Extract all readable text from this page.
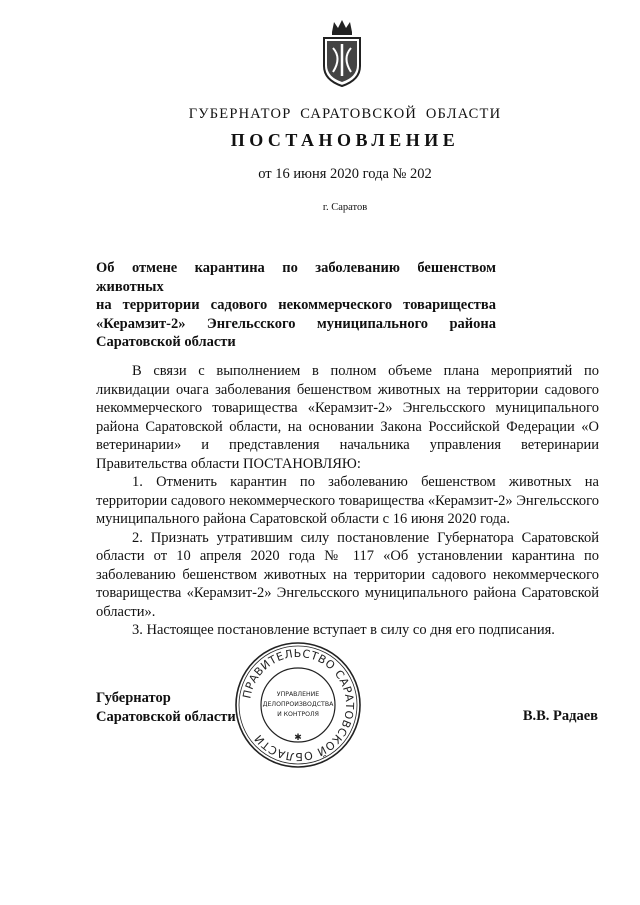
ГУБЕРНАТОР САРАТОВСКОЙ ОБЛАСТИ
ПОСТАНОВЛЕНИЕ
от 16 июня 2020 года № 202
г. Саратов
Об отмене карантина по заболеванию бешенством животных
на территории садового некоммерческого товарищества
«Керамзит-2» Энгельсского муниципального района
Саратовской области

В связи с выполнением в полном объеме плана мероприятий по ликвидации очага заболевания бешенством животных на территории садового некоммерческого товарищества «Керамзит-2» Энгельсского муниципального района Саратовской области, на основании Закона Российской Федерации «О ветеринарии» и представления начальника управления ветеринарии Правительства области ПОСТАНОВЛЯЮ:

1. Отменить карантин по заболеванию бешенством животных на территории садового некоммерческого товарищества «Керамзит-2» Энгельсского муниципального района Саратовской области с 16 июня 2020 года.

2. Признать утратившим силу постановление Губернатора Саратовской области от 10 апреля 2020 года № 117 «Об установлении карантина по заболеванию бешенством животных на территории садового некоммерческого товарищества «Керамзит-2» Энгельсского муниципального района Саратовской области».

3. Настоящее постановление вступает в силу со дня его подписания.

Губернатор
Саратовской области	В.В. Радаев
ПРАВИТЕЛЬСТВО САРАТОВСКОЙ ОБЛАСТИ
УПРАВЛЕНИЕ
ДЕЛОПРОИЗВОДСТВА
И КОНТРОЛЯ
✱
